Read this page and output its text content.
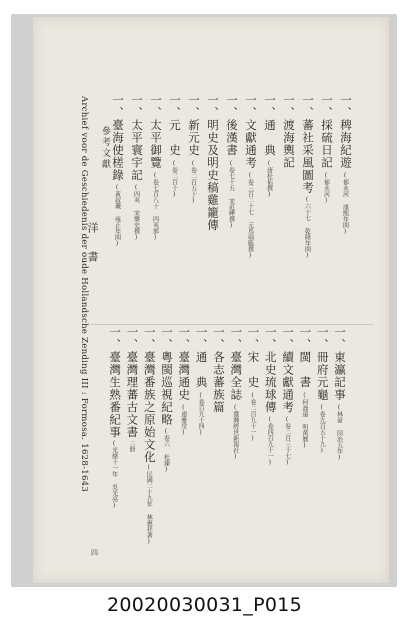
一、稗海紀遊
(郁永河 康熙年間)
一、採硫日記
(郁永河)
一、蕃社采風圖考
(六十七 乾隆年間)
一、渡海輿記
一、通　典
(唐杜佑撰)
一、文獻通考
(卷三百二十七 元馬端臨撰)
一、後漢書
(卷七十五 宋范曄撰)
一、明史及明史稿雞籠傳
一、新元史
(卷二百五十)
一、元　史
(卷二百十)
一、太平御覽
(卷七百八十 四夷部)
一、太平寰宇記
(四夷 宋樂史撰)
一、臺海使槎錄
(黃叔璥 雍正年間)
一、東瀛記事
(林豪 同治五年)
一、冊府元龜
(卷九百五十九)
一、閩　書
(何喬遠 明萬曆)
一、續文獻通考
(卷二百三十七)
一、北史琉球傳
(卷四百九十一)
一、宋　史
(卷二百九十一)
一、臺灣全誌
(臺灣經世新報社)
一、各志蕃族篇
一、通　典
(卷百九十四)
一、臺灣通史
(連雅堂)
一、粵閩巡視紀略
(卷六 杜臻)
一、臺灣番族之原始文化
(民國二十九年 林惠祥著)
一、臺灣理蕃古文書
二冊
一、臺灣生熟番紀事
(光緒十一年 吳光亮)
參考文獻
洋書
Archief voor de Geschiedenis der oude Hollandsche Zending III : Formosa. 1628-1643
四
20020030031_P015
